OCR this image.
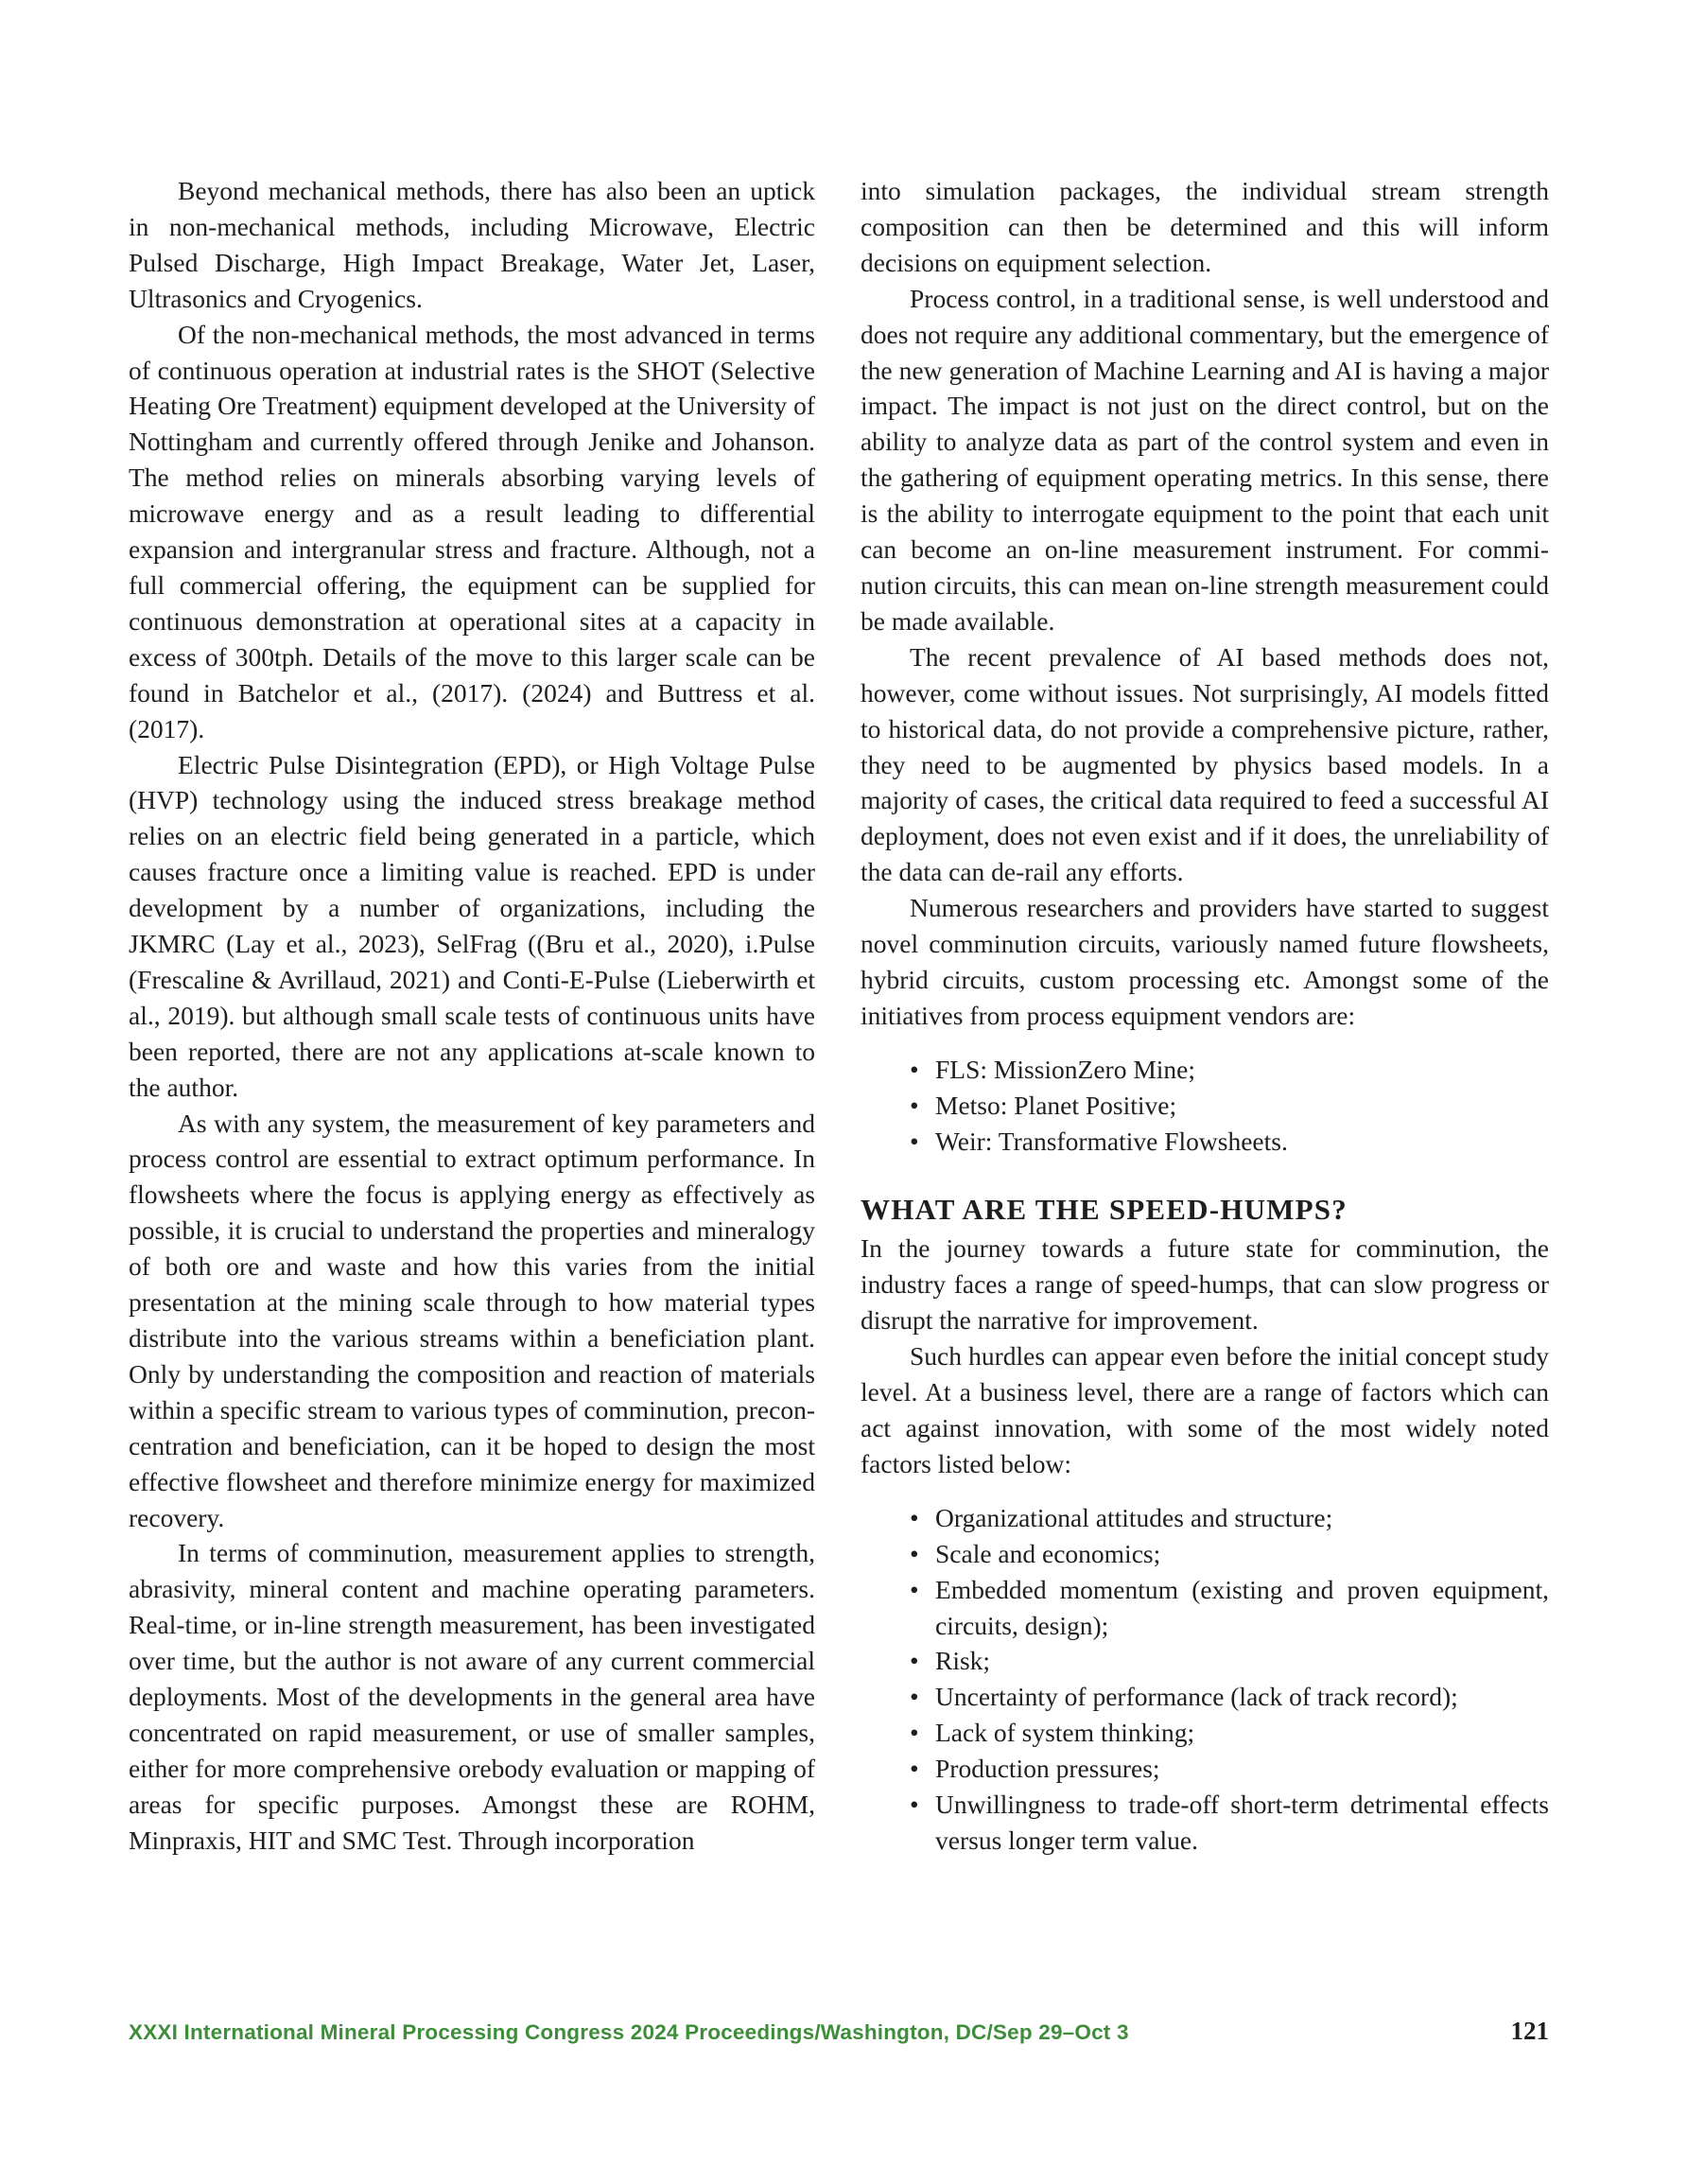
Beyond mechanical methods, there has also been an uptick in non-mechanical methods, including Microwave, Electric Pulsed Discharge, High Impact Breakage, Water Jet, Laser, Ultrasonics and Cryogenics.

Of the non-mechanical methods, the most advanced in terms of continuous operation at industrial rates is the SHOT (Selective Heating Ore Treatment) equipment developed at the University of Nottingham and currently offered through Jenike and Johanson. The method relies on minerals absorbing varying levels of microwave energy and as a result leading to differential expansion and intergranular stress and fracture. Although, not a full commercial offering, the equipment can be supplied for continuous demonstration at operational sites at a capacity in excess of 300tph. Details of the move to this larger scale can be found in Batchelor et al., (2017). (2024) and Buttress et al. (2017).

Electric Pulse Disintegration (EPD), or High Voltage Pulse (HVP) technology using the induced stress breakage method relies on an electric field being generated in a particle, which causes fracture once a limiting value is reached. EPD is under development by a number of organizations, including the JKMRC (Lay et al., 2023), SelFrag ((Bru et al., 2020), i.Pulse (Frescaline & Avrillaud, 2021) and Conti-E-Pulse (Lieberwirth et al., 2019). but although small scale tests of continuous units have been reported, there are not any applications at-scale known to the author.

As with any system, the measurement of key parameters and process control are essential to extract optimum performance. In flowsheets where the focus is applying energy as effectively as possible, it is crucial to understand the properties and mineralogy of both ore and waste and how this varies from the initial presentation at the mining scale through to how material types distribute into the various streams within a beneficiation plant. Only by understanding the composition and reaction of materials within a specific stream to various types of comminution, preconcentration and beneficiation, can it be hoped to design the most effective flowsheet and therefore minimize energy for maximized recovery.

In terms of comminution, measurement applies to strength, abrasivity, mineral content and machine operating parameters. Real-time, or in-line strength measurement, has been investigated over time, but the author is not aware of any current commercial deployments. Most of the developments in the general area have concentrated on rapid measurement, or use of smaller samples, either for more comprehensive orebody evaluation or mapping of areas for specific purposes. Amongst these are ROHM, Minpraxis, HIT and SMC Test. Through incorporation

into simulation packages, the individual stream strength composition can then be determined and this will inform decisions on equipment selection.

Process control, in a traditional sense, is well understood and does not require any additional commentary, but the emergence of the new generation of Machine Learning and AI is having a major impact. The impact is not just on the direct control, but on the ability to analyze data as part of the control system and even in the gathering of equipment operating metrics. In this sense, there is the ability to interrogate equipment to the point that each unit can become an on-line measurement instrument. For comminution circuits, this can mean on-line strength measurement could be made available.

The recent prevalence of AI based methods does not, however, come without issues. Not surprisingly, AI models fitted to historical data, do not provide a comprehensive picture, rather, they need to be augmented by physics based models. In a majority of cases, the critical data required to feed a successful AI deployment, does not even exist and if it does, the unreliability of the data can de-rail any efforts.

Numerous researchers and providers have started to suggest novel comminution circuits, variously named future flowsheets, hybrid circuits, custom processing etc. Amongst some of the initiatives from process equipment vendors are:

• FLS: MissionZero Mine;
• Metso: Planet Positive;
• Weir: Transformative Flowsheets.
WHAT ARE THE SPEED-HUMPS?

In the journey towards a future state for comminution, the industry faces a range of speed-humps, that can slow progress or disrupt the narrative for improvement.

Such hurdles can appear even before the initial concept study level. At a business level, there are a range of factors which can act against innovation, with some of the most widely noted factors listed below:

• Organizational attitudes and structure;
• Scale and economics;
• Embedded momentum (existing and proven equipment, circuits, design);
• Risk;
• Uncertainty of performance (lack of track record);
• Lack of system thinking;
• Production pressures;
• Unwillingness to trade-off short-term detrimental effects versus longer term value.
XXXI International Mineral Processing Congress 2024 Proceedings/Washington, DC/Sep 29–Oct 3	121
